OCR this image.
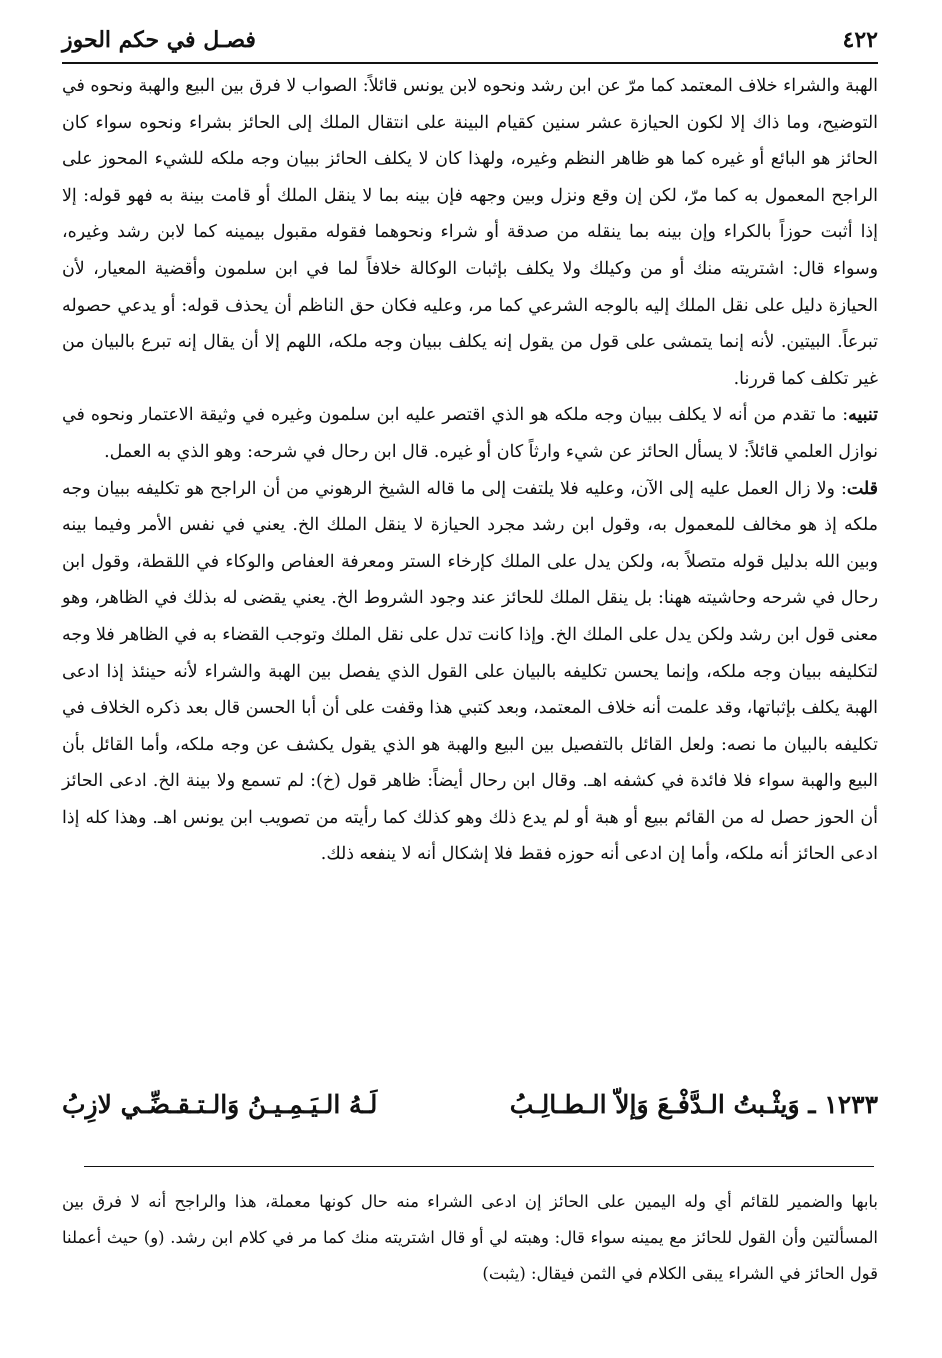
٤٢٢
فصـل في حكم الحوز

الهبة والشراء خلاف المعتمد كما مرّ عن ابن رشد ونحوه لابن يونس قائلاً: الصواب لا فرق بين البيع والهبة ونحوه في التوضيح، وما ذاك إلا لكون الحيازة عشر سنين كقيام البينة على انتقال الملك إلى الحائز بشراء ونحوه سواء كان الحائز هو البائع أو غيره كما هو ظاهر النظم وغيره، ولهذا كان لا يكلف الحائز ببيان وجه ملكه للشيء المحوز على الراجح المعمول به كما مرّ، لكن إن وقع ونزل وبين وجهه فإن بينه بما لا ينقل الملك أو قامت بينة به فهو قوله: إلا إذا أثبت حوزاً بالكراء وإن بينه بما ينقله من صدقة أو شراء ونحوهما فقوله مقبول بيمينه كما لابن رشد وغيره، وسواء قال: اشتريته منك أو من وكيلك ولا يكلف بإثبات الوكالة خلافاً لما في ابن سلمون وأقضية المعيار، لأن الحيازة دليل على نقل الملك إليه بالوجه الشرعي كما مر، وعليه فكان حق الناظم أن يحذف قوله: أو يدعي حصوله تبرعاً. البيتين. لأنه إنما يتمشى على قول من يقول إنه يكلف ببيان وجه ملكه، اللهم إلا أن يقال إنه تبرع بالبيان من غير تكلف كما قررنا.

تنبيه: ما تقدم من أنه لا يكلف ببيان وجه ملكه هو الذي اقتصر عليه ابن سلمون وغيره في وثيقة الاعتمار ونحوه في نوازل العلمي قائلاً: لا يسأل الحائز عن شيء وارثاً كان أو غيره. قال ابن رحال في شرحه: وهو الذي به العمل.

قلت: ولا زال العمل عليه إلى الآن، وعليه فلا يلتفت إلى ما قاله الشيخ الرهوني من أن الراجح هو تكليفه ببيان وجه ملكه إذ هو مخالف للمعمول به، وقول ابن رشد مجرد الحيازة لا ينقل الملك الخ. يعني في نفس الأمر وفيما بينه وبين الله بدليل قوله متصلاً به، ولكن يدل على الملك كإرخاء الستر ومعرفة العفاص والوكاء في اللقطة، وقول ابن رحال في شرحه وحاشيته ههنا: بل ينقل الملك للحائز عند وجود الشروط الخ. يعني يقضى له بذلك في الظاهر، وهو معنى قول ابن رشد ولكن يدل على الملك الخ. وإذا كانت تدل على نقل الملك وتوجب القضاء به في الظاهر فلا وجه لتكليفه ببيان وجه ملكه، وإنما يحسن تكليفه بالبيان على القول الذي يفصل بين الهبة والشراء لأنه حينئذ إذا ادعى الهبة يكلف بإثباتها، وقد علمت أنه خلاف المعتمد، وبعد كتبي هذا وقفت على أن أبا الحسن قال بعد ذكره الخلاف في تكليفه بالبيان ما نصه: ولعل القائل بالتفصيل بين البيع والهبة هو الذي يقول يكشف عن وجه ملكه، وأما القائل بأن البيع والهبة سواء فلا فائدة في كشفه اهـ. وقال ابن رحال أيضاً: ظاهر قول (خ): لم تسمع ولا بينة الخ. ادعى الحائز أن الحوز حصل له من القائم ببيع أو هبة أو لم يدع ذلك وهو كذلك كما رأيته من تصويب ابن يونس اهـ. وهذا كله إذا ادعى الحائز أنه ملكه، وأما إن ادعى أنه حوزه فقط فلا إشكال أنه لا ينفعه ذلك.

١٢٣٣ ـ وَيثْـبتُ الـدَّفْـعَ وَإلاّ الـطـالِـبُ
لَـهُ الـيَـمِـيـنُ وَالـتـقـضِّـي لازِبُ

بابها والضمير للقائم أي وله اليمين على الحائز إن ادعى الشراء منه حال كونها معملة، هذا والراجح أنه لا فرق بين المسألتين وأن القول للحائز مع يمينه سواء قال: وهبته لي أو قال اشتريته منك كما مر في كلام ابن رشد. (و) حيث أعملنا قول الحائز في الشراء يبقى الكلام في الثمن فيقال: (يثبت)
